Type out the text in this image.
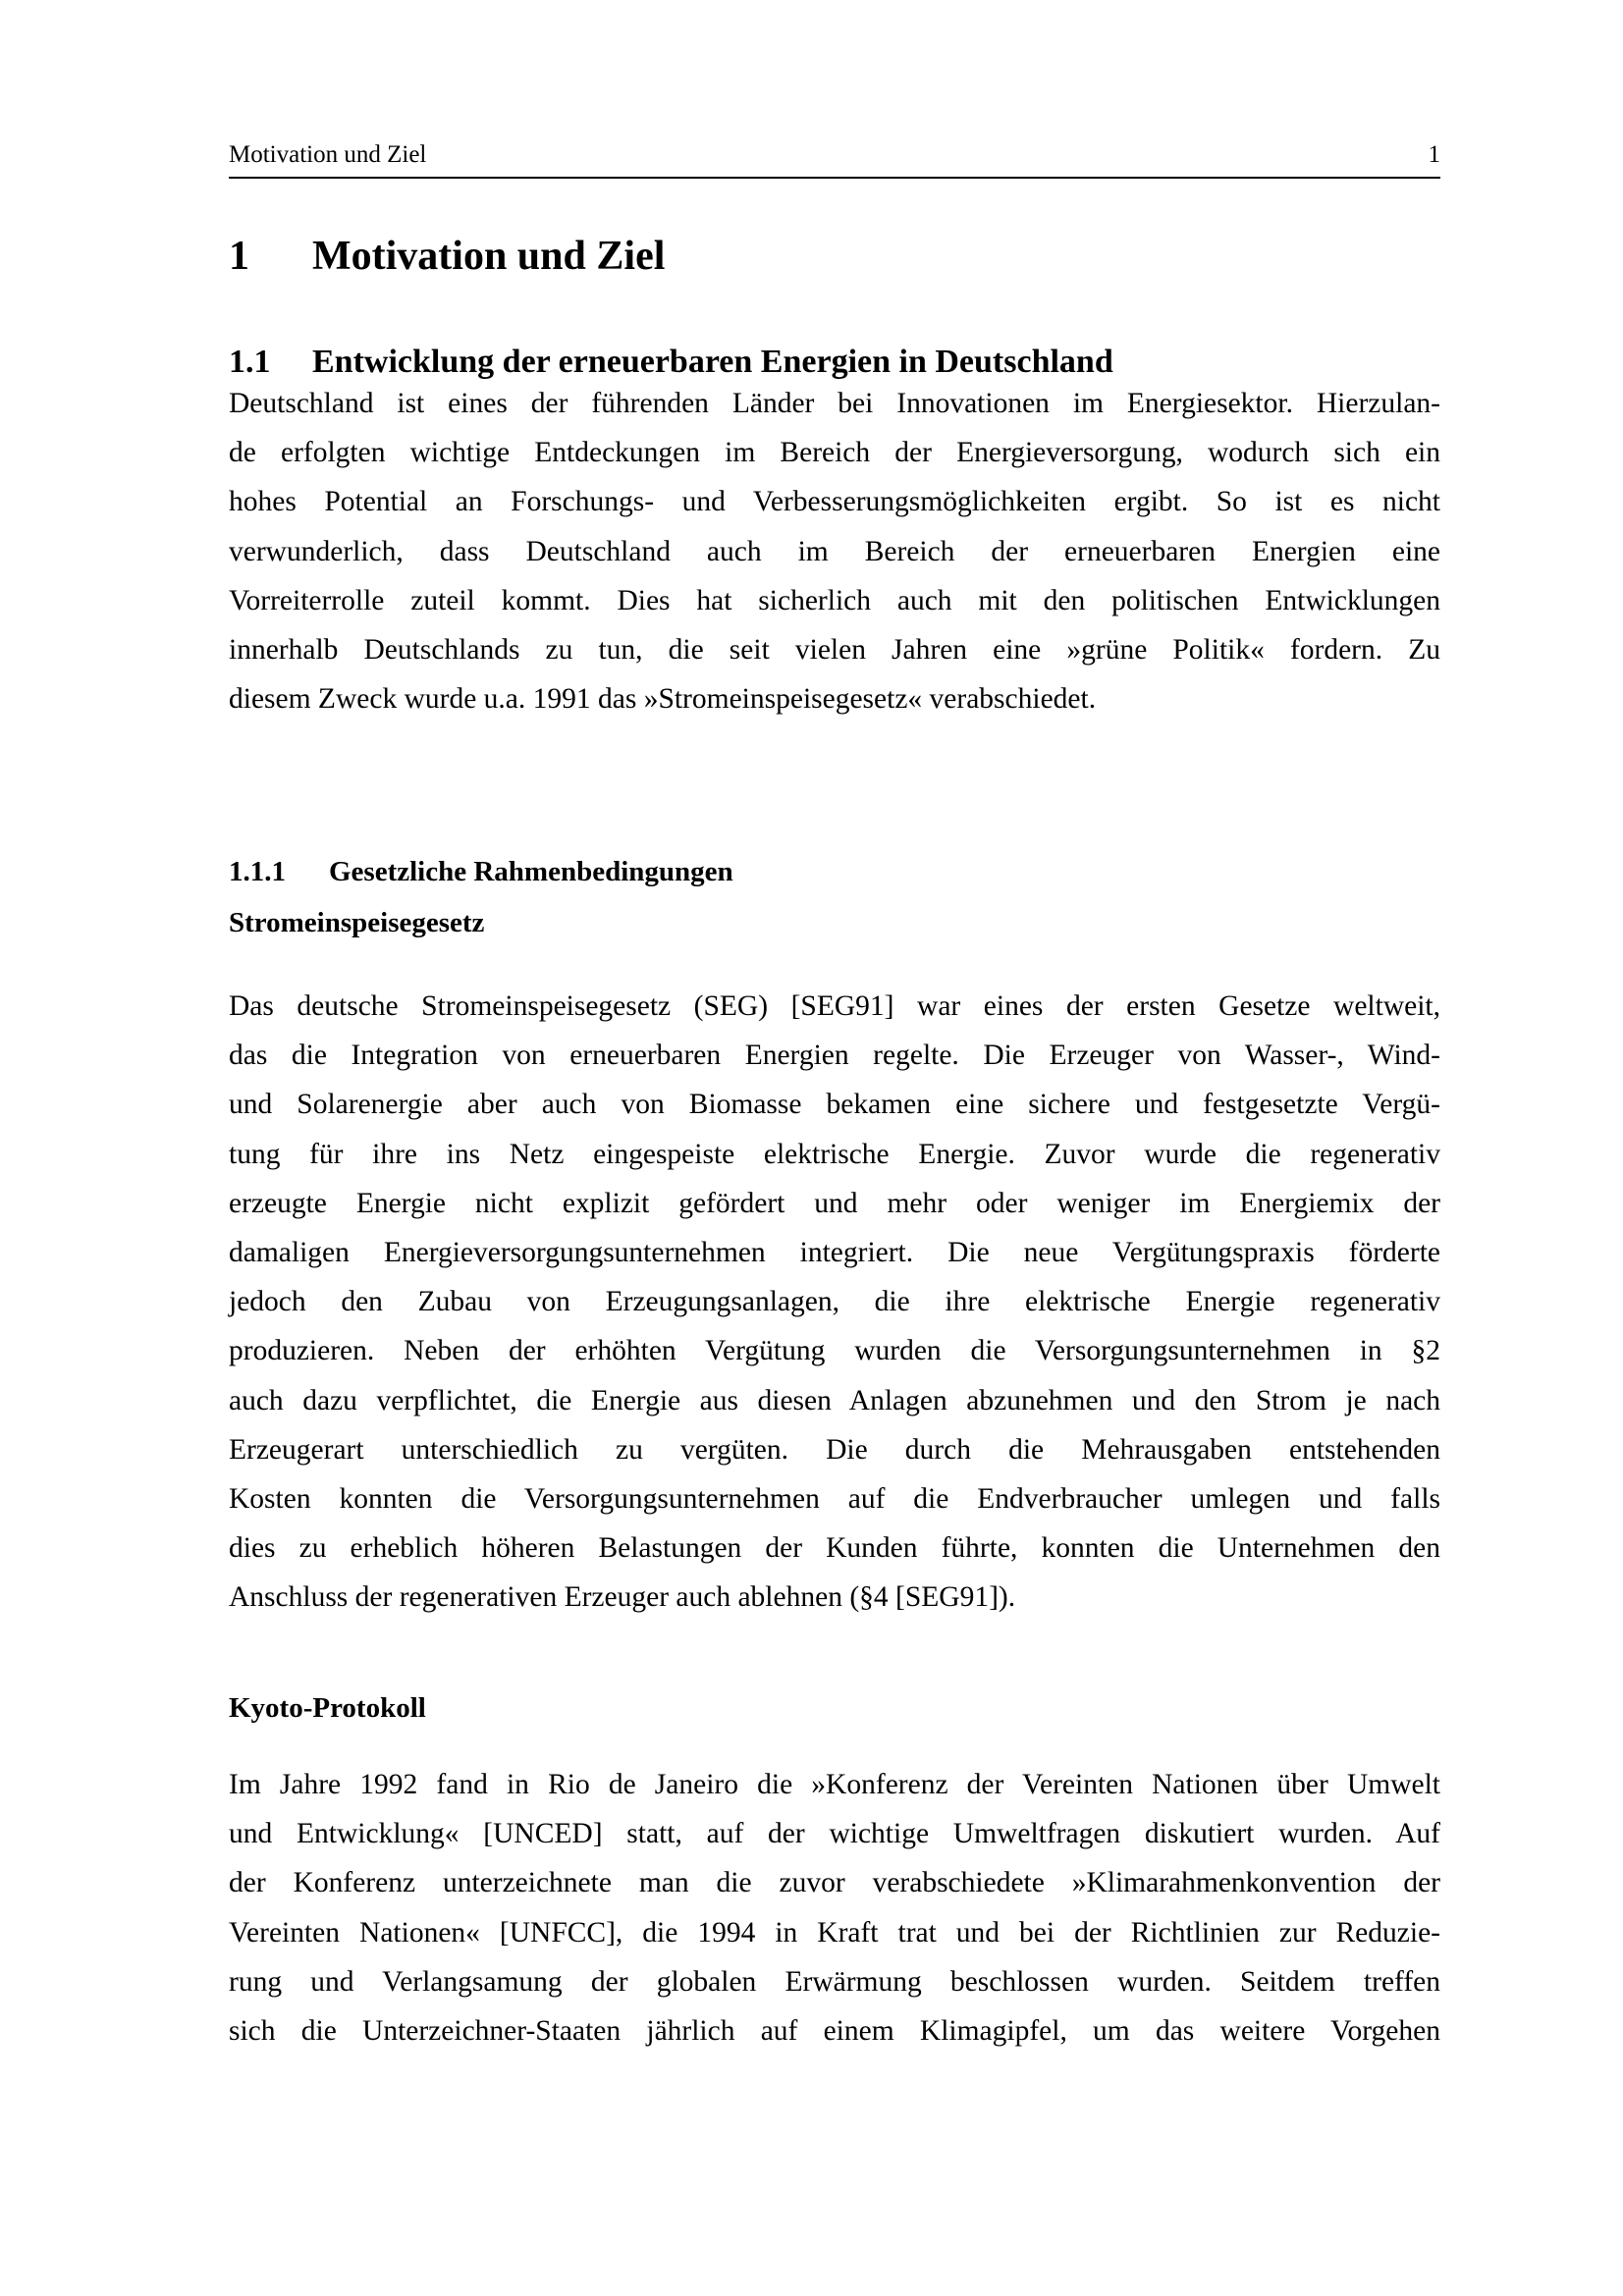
Motivation und Ziel	1
1 Motivation und Ziel
1.1 Entwicklung der erneuerbaren Energien in Deutschland
Deutschland ist eines der führenden Länder bei Innovationen im Energiesektor. Hierzulan-
de erfolgten wichtige Entdeckungen im Bereich der Energieversorgung, wodurch sich ein
hohes Potential an Forschungs- und Verbesserungsmöglichkeiten ergibt. So ist es nicht
verwunderlich, dass Deutschland auch im Bereich der erneuerbaren Energien eine
Vorreiterrolle zuteil kommt. Dies hat sicherlich auch mit den politischen Entwicklungen
innerhalb Deutschlands zu tun, die seit vielen Jahren eine »grüne Politik« fordern. Zu
diesem Zweck wurde u.a. 1991 das »Stromeinspeisegesetz« verabschiedet.
1.1.1 Gesetzliche Rahmenbedingungen
Stromeinspeisegesetz
Das deutsche Stromeinspeisegesetz (SEG) [SEG91] war eines der ersten Gesetze weltweit,
das die Integration von erneuerbaren Energien regelte. Die Erzeuger von Wasser-, Wind-
und Solarenergie aber auch von Biomasse bekamen eine sichere und festgesetzte Vergü-
tung für ihre ins Netz eingespeiste elektrische Energie. Zuvor wurde die regenerativ
erzeugte Energie nicht explizit gefördert und mehr oder weniger im Energiemix der
damaligen Energieversorgungsunternehmen integriert. Die neue Vergütungspraxis förderte
jedoch den Zubau von Erzeugungsanlagen, die ihre elektrische Energie regenerativ
produzieren. Neben der erhöhten Vergütung wurden die Versorgungsunternehmen in §2
auch dazu verpflichtet, die Energie aus diesen Anlagen abzunehmen und den Strom je nach
Erzeugerart unterschiedlich zu vergüten. Die durch die Mehrausgaben entstehenden
Kosten konnten die Versorgungsunternehmen auf die Endverbraucher umlegen und falls
dies zu erheblich höheren Belastungen der Kunden führte, konnten die Unternehmen den
Anschluss der regenerativen Erzeuger auch ablehnen (§4 [SEG91]).
Kyoto-Protokoll
Im Jahre 1992 fand in Rio de Janeiro die »Konferenz der Vereinten Nationen über Umwelt
und Entwicklung« [UNCED] statt, auf der wichtige Umweltfragen diskutiert wurden. Auf
der Konferenz unterzeichnete man die zuvor verabschiedete »Klimarahmenkonvention der
Vereinten Nationen« [UNFCC], die 1994 in Kraft trat und bei der Richtlinien zur Reduzie-
rung und Verlangsamung der globalen Erwärmung beschlossen wurden. Seitdem treffen
sich die Unterzeichner-Staaten jährlich auf einem Klimagipfel, um das weitere Vorgehen
